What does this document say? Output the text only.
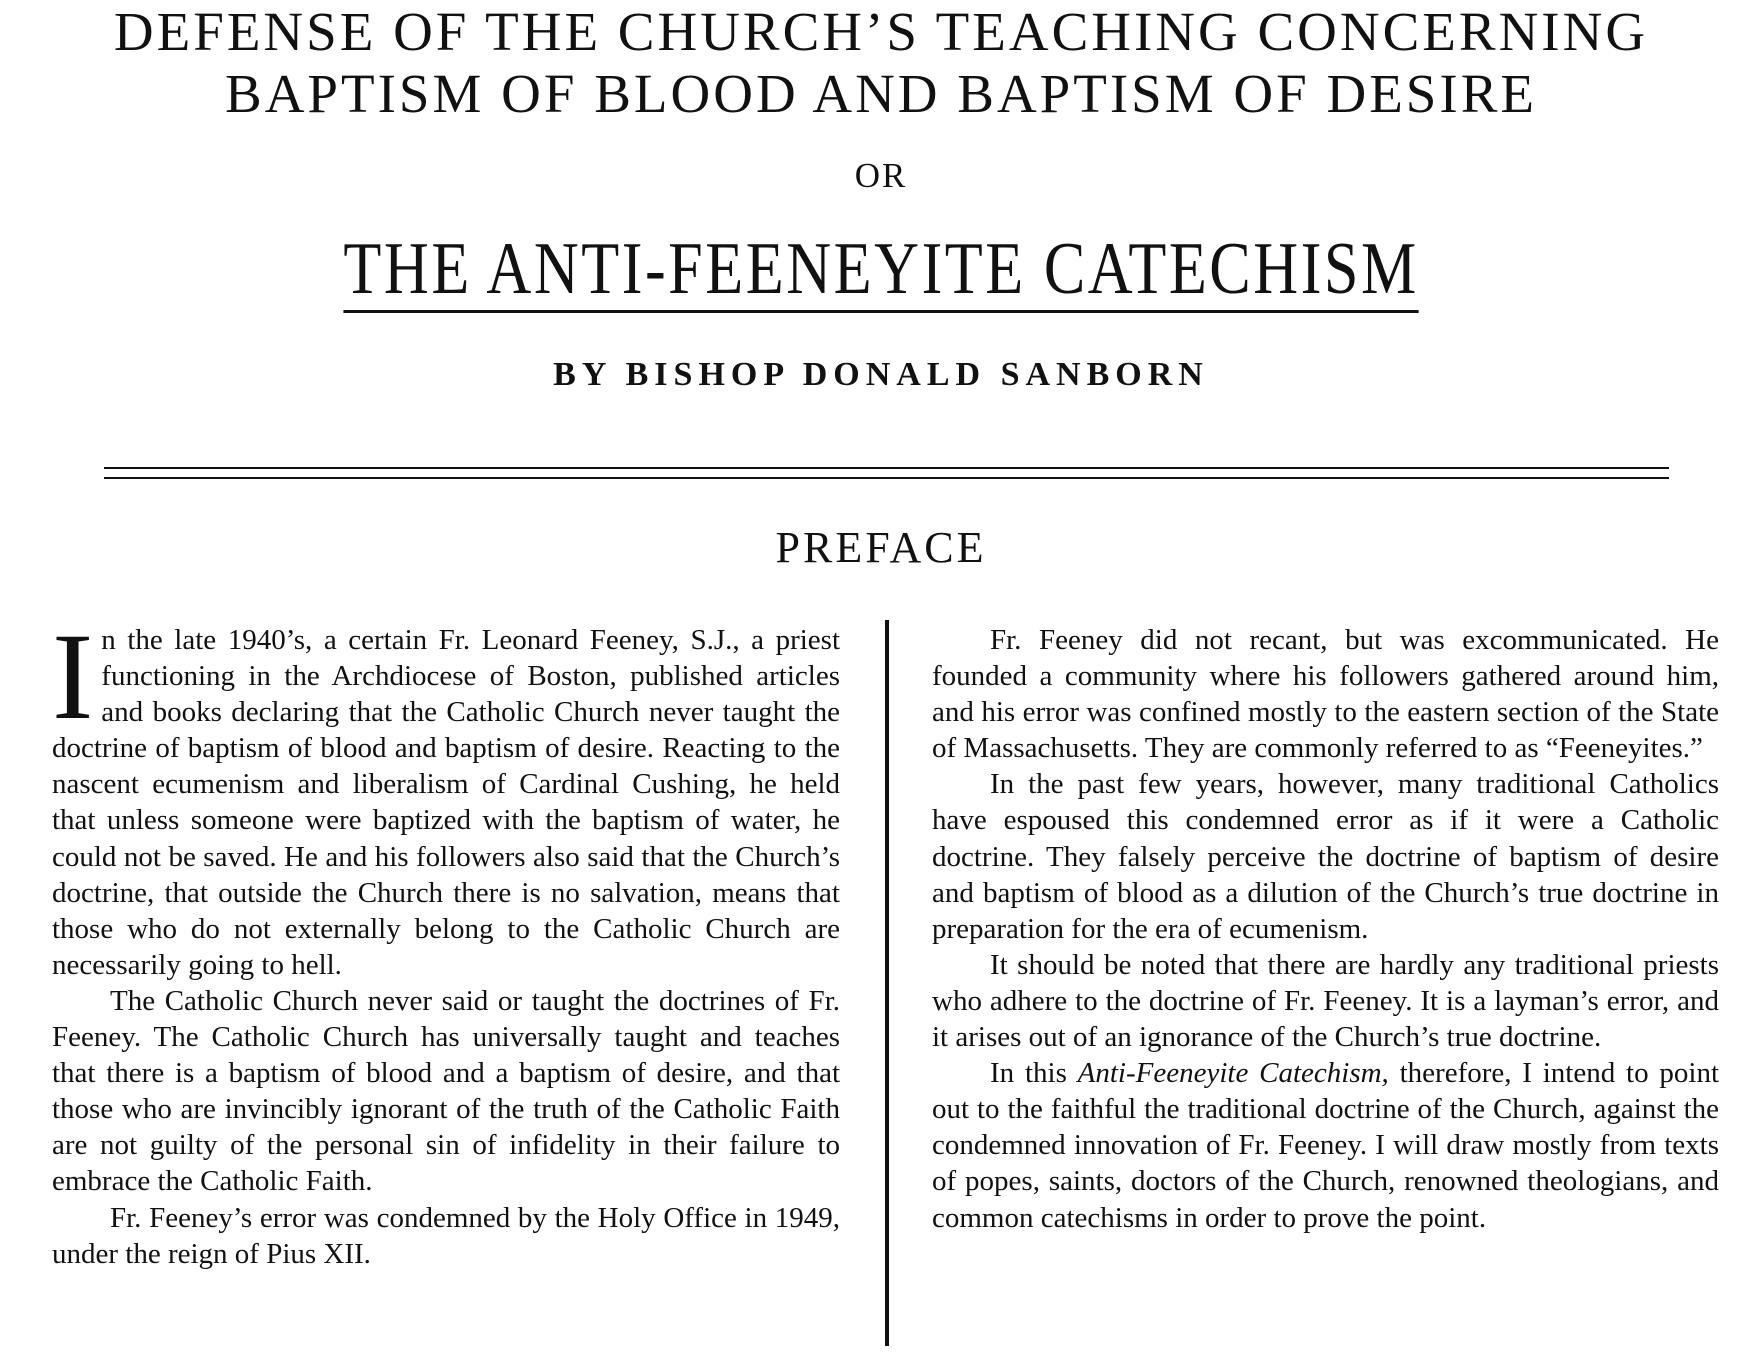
DEFENSE OF THE CHURCH’S TEACHING CONCERNING
BAPTISM OF BLOOD AND BAPTISM OF DESIRE
OR
THE ANTI-FEENEYITE CATECHISM
BY BISHOP DONALD SANBORN
PREFACE

In the late 1940’s, a certain Fr. Leonard Feeney, S.J., a priest functioning in the Archdiocese of Boston, published articles and books declaring that the Catholic Church never taught the doctrine of baptism of blood and baptism of desire. Reacting to the nascent ecumenism and liberalism of Cardinal Cushing, he held that unless someone were baptized with the baptism of water, he could not be saved. He and his followers also said that the Church’s doctrine, that outside the Church there is no salvation, means that those who do not externally belong to the Catholic Church are necessarily going to hell.

The Catholic Church never said or taught the doctrines of Fr. Feeney. The Catholic Church has universally taught and teaches that there is a baptism of blood and a baptism of desire, and that those who are invincibly ignorant of the truth of the Catholic Faith are not guilty of the personal sin of infidelity in their failure to embrace the Catholic Faith.

Fr. Feeney’s error was condemned by the Holy Office in 1949, under the reign of Pius XII.

Fr. Feeney did not recant, but was excommunicated. He founded a community where his followers gathered around him, and his error was confined mostly to the eastern section of the State of Massachusetts. They are commonly referred to as “Feeneyites.”

In the past few years, however, many traditional Catholics have espoused this condemned error as if it were a Catholic doctrine. They falsely perceive the doctrine of baptism of desire and baptism of blood as a dilution of the Church’s true doctrine in preparation for the era of ecumenism.

It should be noted that there are hardly any traditional priests who adhere to the doctrine of Fr. Feeney. It is a layman’s error, and it arises out of an ignorance of the Church’s true doctrine.

In this Anti-Feeneyite Catechism, therefore, I intend to point out to the faithful the traditional doctrine of the Church, against the condemned innovation of Fr. Feeney. I will draw mostly from texts of popes, saints, doctors of the Church, renowned theologians, and common catechisms in order to prove the point.
